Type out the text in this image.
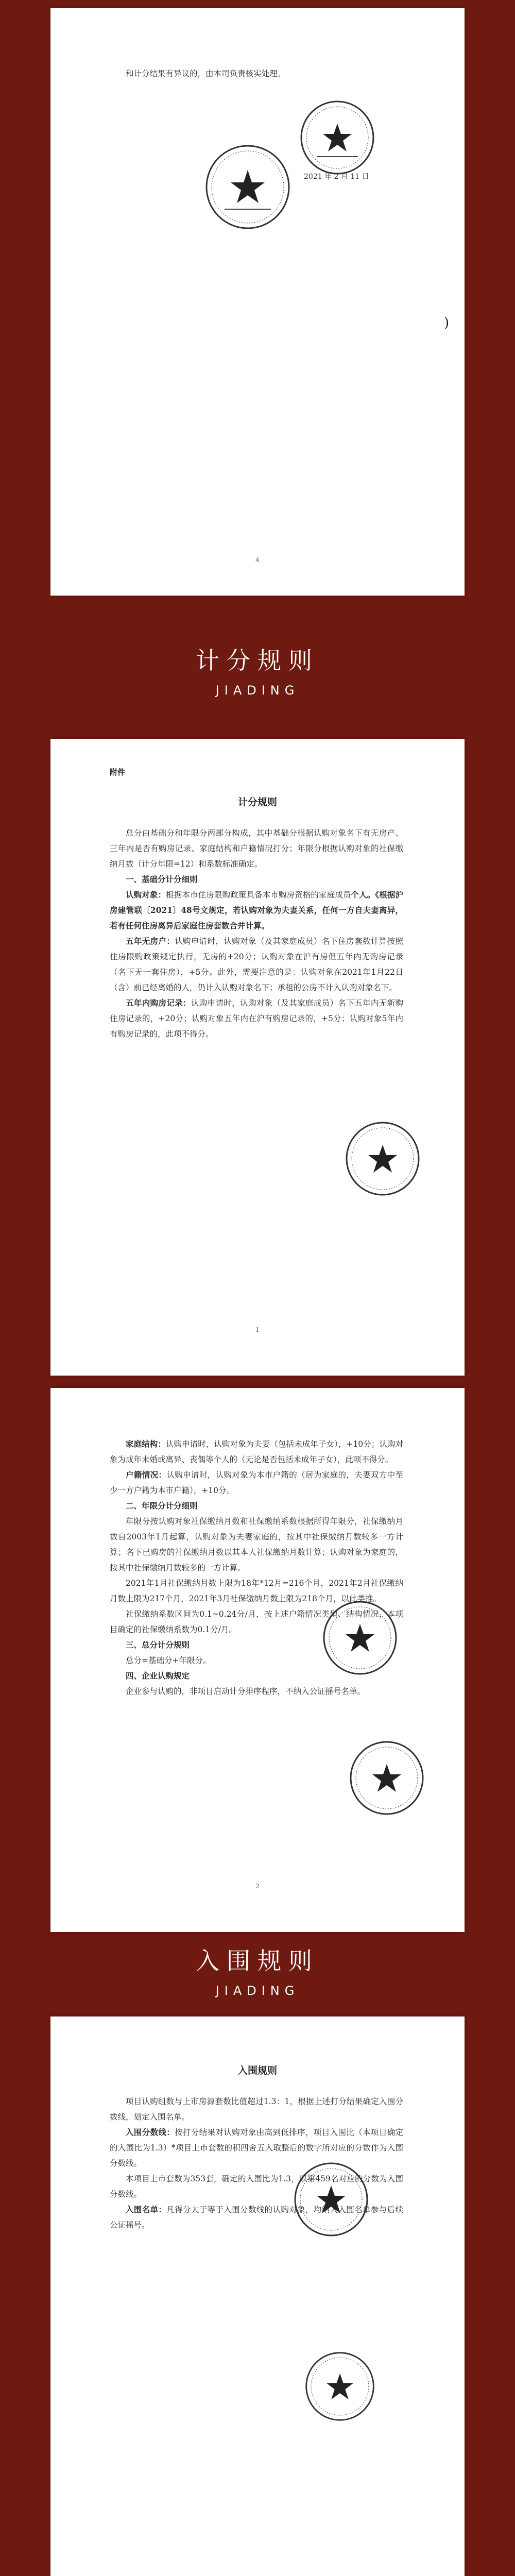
和计分结果有异议的，由本司负责核实处理。

2021 年 2 月 11 日
)
4
计分规则
JIADING
附件
计分规则

总分由基础分和年限分两部分构成，其中基础分根据认购对象名下有无房产、三年内是否有购房记录、家庭结构和户籍情况打分；年限分根据认购对象的社保缴纳月数（计分年限=12）和系数标准确定。

一、基础分计分细则

认购对象：根据本市住房限购政策具备本市购房资格的家庭成员个人。《根据沪房建管联〔2021〕48号文规定，若认购对象为夫妻关系，任何一方自夫妻离异，若有任何住房离异后家庭住房套数合并计算。

五年无房户：认购申请时，认购对象（及其家庭成员）名下住房套数计算按照住房限购政策规定执行，无房的+20分；认购对象在沪有房但五年内无购房记录（名下无一套住房），+5分。此外，需要注意的是：认购对象在2021年1月22日（含）前已经离婚的人，仍计入认购对象名下；承租的公房不计入认购对象名下。

五年内购房记录：认购申请时，认购对象（及其家庭成员）名下五年内无新购住房记录的，+20分；认购对象五年内在沪有购房记录的，+5分；认购对象5年内有购房记录的，此项不得分。

1

家庭结构：认购申请时，认购对象为夫妻（包括未成年子女），+10分；认购对象为成年未婚或离异、丧偶等个人的（无论是否包括未成年子女），此项不得分。

户籍情况：认购申请时，认购对象为本市户籍的（居为家庭的，夫妻双方中至少一方户籍为本市户籍），+10分。

二、年限分计分细则

年限分按认购对象社保缴纳月数和社保缴纳系数根据所得年限分，社保缴纳月数自2003年1月起算，认购对象为夫妻家庭的，按其中社保缴纳月数较多一方计算；名下已购房的社保缴纳月数以其本人社保缴纳月数计算；认购对象为家庭的，按其中社保缴纳月数较多的一方计算。

2021年1月社保缴纳月数上限为18年*12月=216个月，2021年2月社保缴纳月数上限为217个月，2021年3月社保缴纳月数上限为218个月，以此类推。

社保缴纳系数区间为0.1~0.24分/月，按上述户籍情况类型、结构情况，本项目确定的社保缴纳系数为0.1分/月。

三、总分计分规则

总分=基础分+年限分。

四、企业认购规定

企业参与认购的，非项目启动计分排序程序，不纳入公证摇号名单。

2
入围规则
JIADING
入围规则

项目认购组数与上市房源套数比值超过1.3：1，根据上述打分结果确定入围分数线，划定入围名单。

入围分数线：按打分结果对认购对象由高到低排序，项目入围比（本项目确定的入围比为1.3）*项目上市套数的积四舍五入取整后的数字所对应的分数作为入围分数线。

本项目上市套数为353套，确定的入围比为1.3，以第459名对应的分数为入围分数线。

入围名单：凡得分大于等于入围分数线的认购对象，均纳入入围名单参与后续公证摇号。
